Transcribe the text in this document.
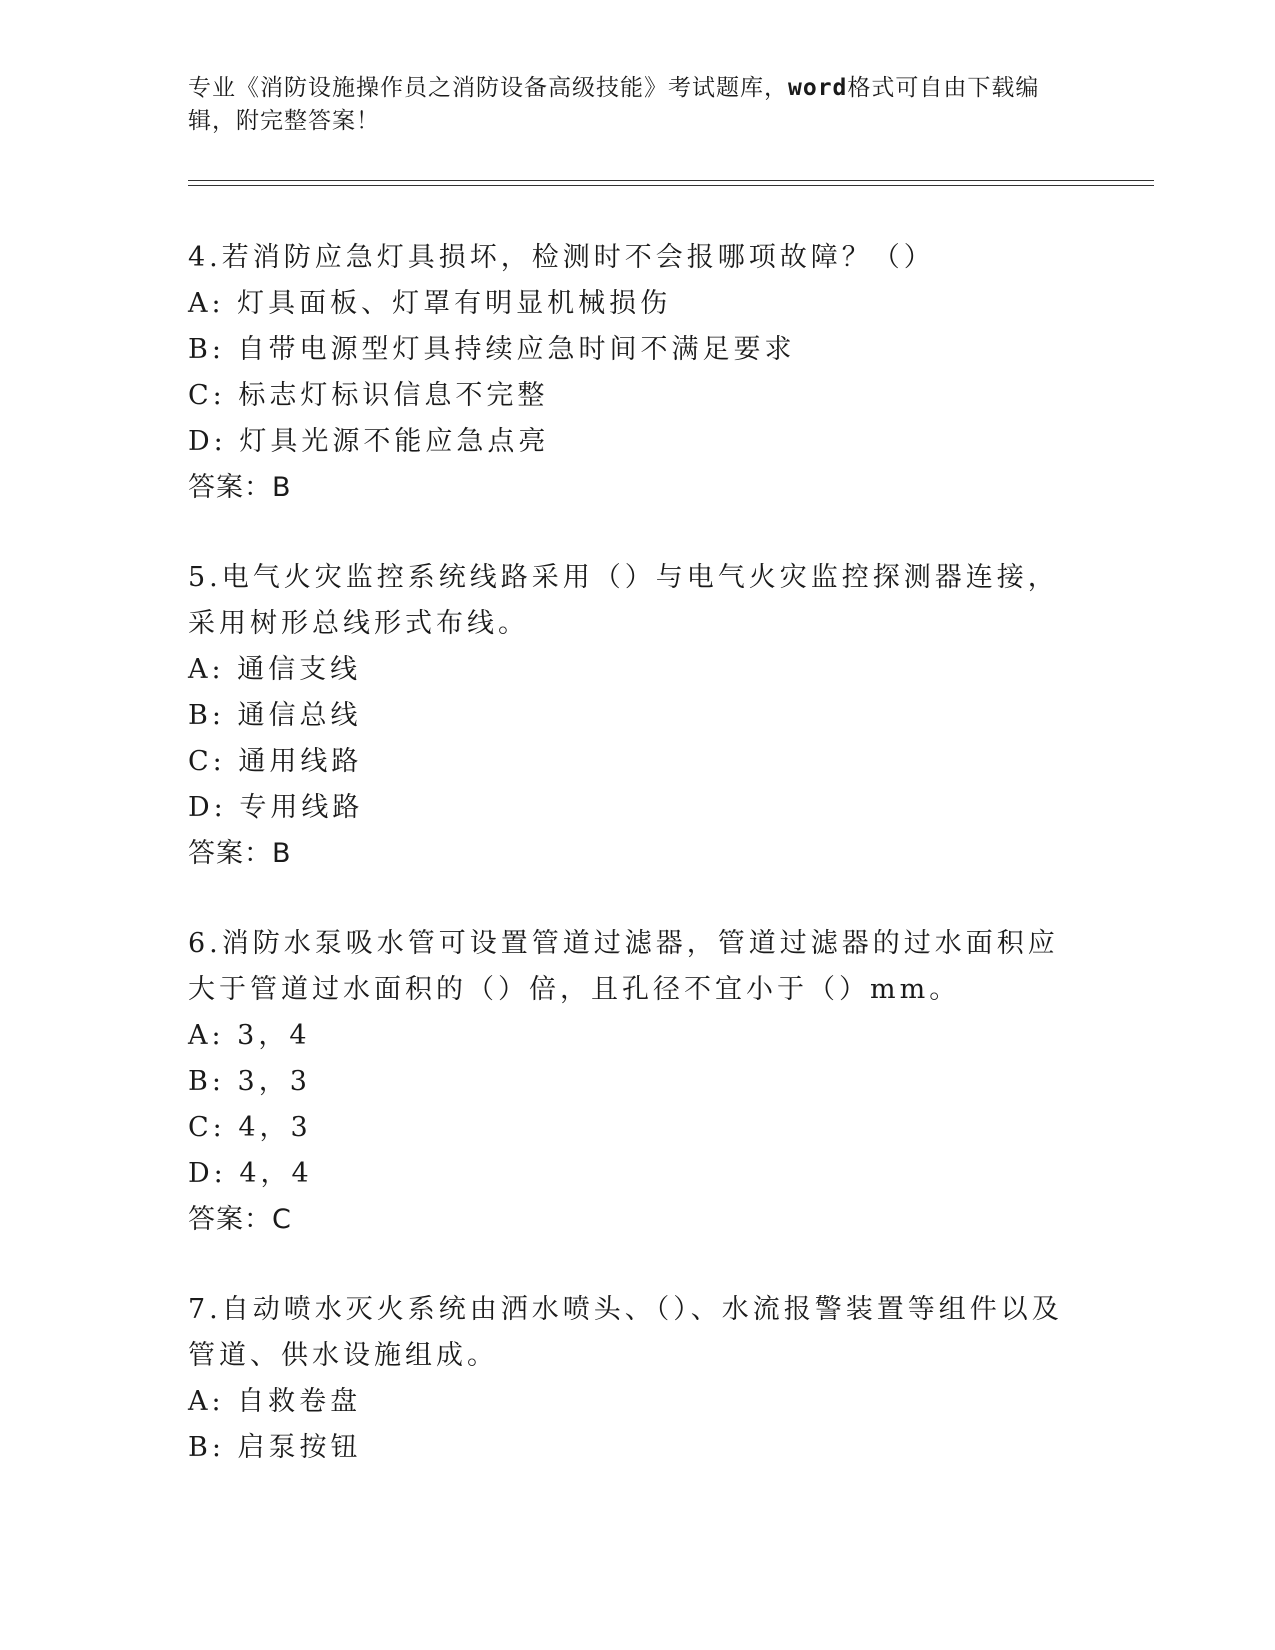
专业《消防设施操作员之消防设备高级技能》考试题库，word格式可自由下载编辑，附完整答案！

4.若消防应急灯具损坏，检测时不会报哪项故障？（）

A: 灯具面板、灯罩有明显机械损伤

B: 自带电源型灯具持续应急时间不满足要求

C: 标志灯标识信息不完整

D: 灯具光源不能应急点亮

答案：B

5.电气火灾监控系统线路采用（）与电气火灾监控探测器连接，采用树形总线形式布线。

A: 通信支线

B: 通信总线

C: 通用线路

D: 专用线路

答案：B

6.消防水泵吸水管可设置管道过滤器，管道过滤器的过水面积应大于管道过水面积的（）倍，且孔径不宜小于（）mm。

A: 3，4

B: 3，3

C: 4，3

D: 4，4

答案：C

7.自动喷水灭火系统由洒水喷头、（）、水流报警装置等组件以及管道、供水设施组成。

A: 自救卷盘

B: 启泵按钮
